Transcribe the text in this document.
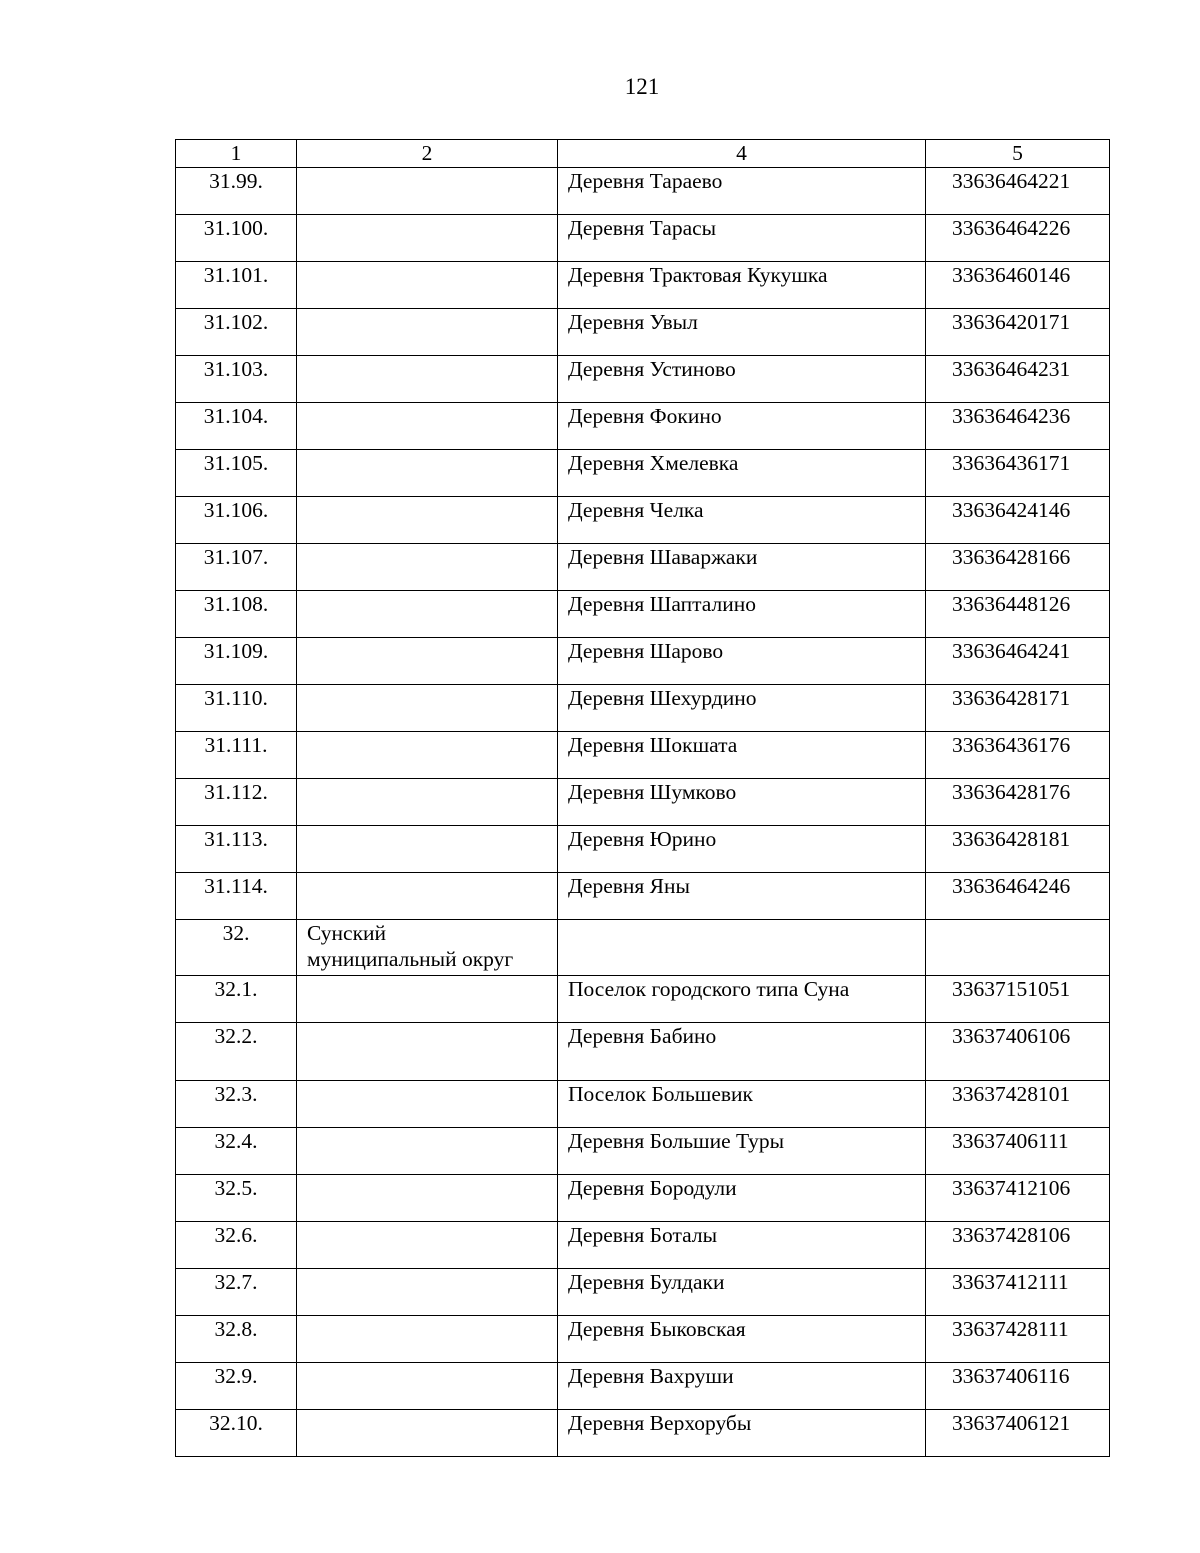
121
1	2	4	5
31.99.		Деревня Тараево	33636464221
31.100.		Деревня Тарасы	33636464226
31.101.		Деревня Трактовая Кукушка	33636460146
31.102.		Деревня Увыл	33636420171
31.103.		Деревня Устиново	33636464231
31.104.		Деревня Фокино	33636464236
31.105.		Деревня Хмелевка	33636436171
31.106.		Деревня Челка	33636424146
31.107.		Деревня Шаваржаки	33636428166
31.108.		Деревня Шапталино	33636448126
31.109.		Деревня Шарово	33636464241
31.110.		Деревня Шехурдино	33636428171
31.111.		Деревня Шокшата	33636436176
31.112.		Деревня Шумково	33636428176
31.113.		Деревня Юрино	33636428181
31.114.		Деревня Яны	33636464246
32.	Сунский
муниципальный округ		

32.1.		Поселок городского типа Суна	33637151051
32.2.		Деревня Бабино	33637406106
32.3.		Поселок Большевик	33637428101
32.4.		Деревня Большие Туры	33637406111
32.5.		Деревня Бородули	33637412106
32.6.		Деревня Боталы	33637428106
32.7.		Деревня Булдаки	33637412111
32.8.		Деревня Быковская	33637428111
32.9.		Деревня Вахруши	33637406116
32.10.		Деревня Верхорубы	33637406121
